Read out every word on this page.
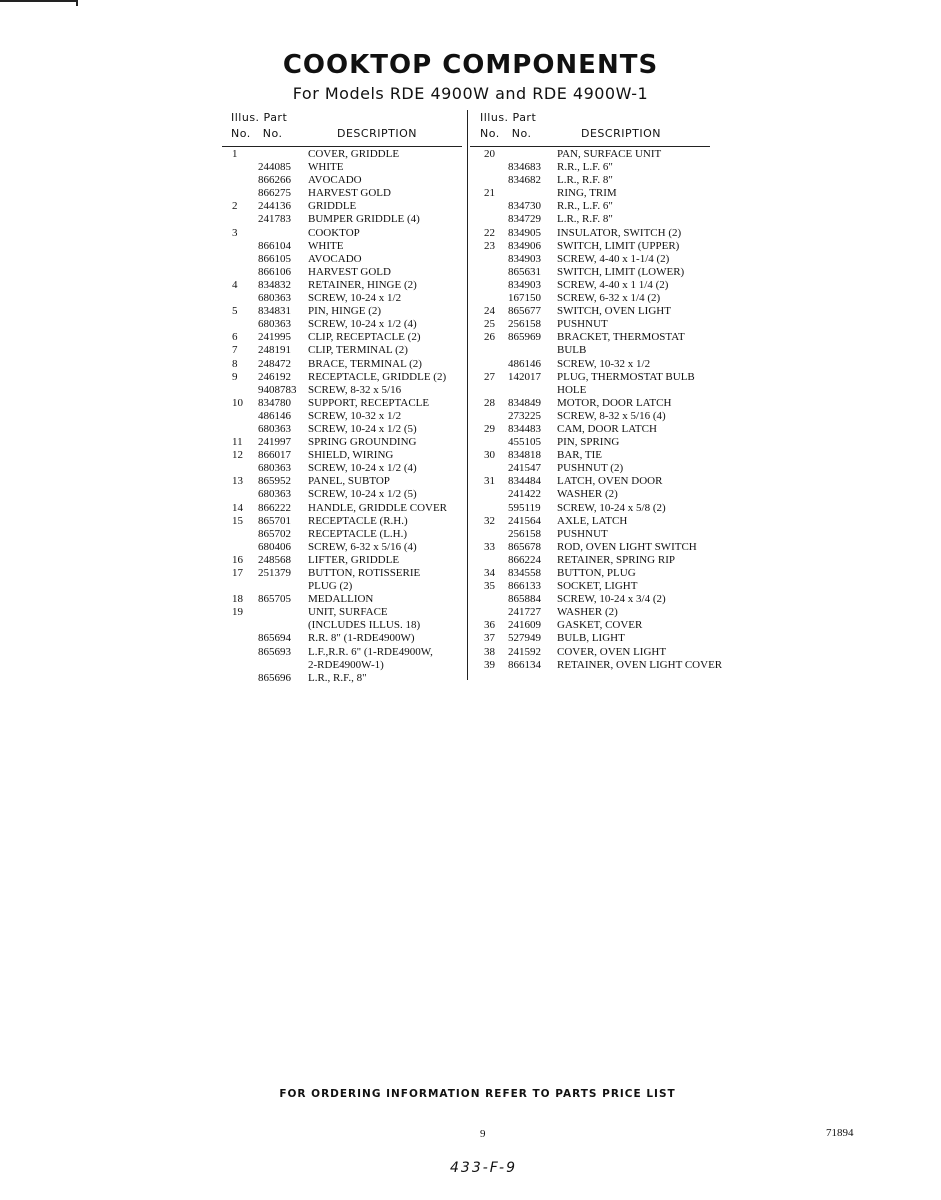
COOKTOP COMPONENTS
For Models RDE 4900W and RDE 4900W-1
Illus. Part
No.   No.	DESCRIPTION
Illus. Part
No.   No.	DESCRIPTION
1	COVER, GRIDDLE
244085 WHITE
866266 AVOCADO
866275 HARVEST GOLD
2 244136 GRIDDLE
241783 BUMPER GRIDDLE (4)
3	COOKTOP
866104 WHITE
866105 AVOCADO
866106 HARVEST GOLD
4 834832 RETAINER, HINGE (2)
680363 SCREW, 10-24 x 1/2
5 834831 PIN, HINGE (2)
680363 SCREW, 10-24 x 1/2 (4)
6 241995 CLIP, RECEPTACLE (2)
7 248191 CLIP, TERMINAL (2)
8 248472 BRACE, TERMINAL (2)
9 246192 RECEPTACLE, GRIDDLE (2)
9408783 SCREW, 8-32 x 5/16
10 834780 SUPPORT, RECEPTACLE
486146 SCREW, 10-32 x 1/2
680363 SCREW, 10-24 x 1/2 (5)
11 241997 SPRING GROUNDING
12 866017 SHIELD, WIRING
680363 SCREW, 10-24 x 1/2 (4)
13 865952 PANEL, SUBTOP
680363 SCREW, 10-24 x 1/2 (5)
14 866222 HANDLE, GRIDDLE COVER
15 865701 RECEPTACLE (R.H.)
865702 RECEPTACLE (L.H.)
680406 SCREW, 6-32 x 5/16 (4)
16 248568 LIFTER, GRIDDLE
17 251379 BUTTON, ROTISSERIE
PLUG (2)
18 865705 MEDALLION
19	UNIT, SURFACE
(INCLUDES ILLUS. 18)
865694 R.R. 8" (1-RDE4900W)
865693 L.F.,R.R. 6" (1-RDE4900W,
2-RDE4900W-1)
865696 L.R., R.F., 8"
20	PAN, SURFACE UNIT
834683 R.R., L.F. 6"
834682 L.R., R.F. 8"
21	RING, TRIM
834730 R.R., L.F. 6"
834729 L.R., R.F. 8"
22 834905 INSULATOR, SWITCH (2)
23 834906 SWITCH, LIMIT (UPPER)
834903 SCREW, 4-40 x 1-1/4 (2)
865631 SWITCH, LIMIT (LOWER)
834903 SCREW, 4-40 x 1 1/4 (2)
167150 SCREW, 6-32 x 1/4 (2)
24 865677 SWITCH, OVEN LIGHT
25 256158 PUSHNUT
26 865969 BRACKET, THERMOSTAT
BULB
486146 SCREW, 10-32 x 1/2
27 142017 PLUG, THERMOSTAT BULB
HOLE
28 834849 MOTOR, DOOR LATCH
273225 SCREW, 8-32 x 5/16 (4)
29 834483 CAM, DOOR LATCH
455105 PIN, SPRING
30 834818 BAR, TIE
241547 PUSHNUT (2)
31 834484 LATCH, OVEN DOOR
241422 WASHER (2)
595119 SCREW, 10-24 x 5/8 (2)
32 241564 AXLE, LATCH
256158 PUSHNUT
33 865678 ROD, OVEN LIGHT SWITCH
866224 RETAINER, SPRING RIP
34 834558 BUTTON, PLUG
35 866133 SOCKET, LIGHT
865884 SCREW, 10-24 x 3/4 (2)
241727 WASHER (2)
36 241609 GASKET, COVER
37 527949 BULB, LIGHT
38 241592 COVER, OVEN LIGHT
39 866134 RETAINER, OVEN LIGHT COVER
FOR ORDERING INFORMATION REFER TO PARTS PRICE LIST
9	71894
433-F-9
